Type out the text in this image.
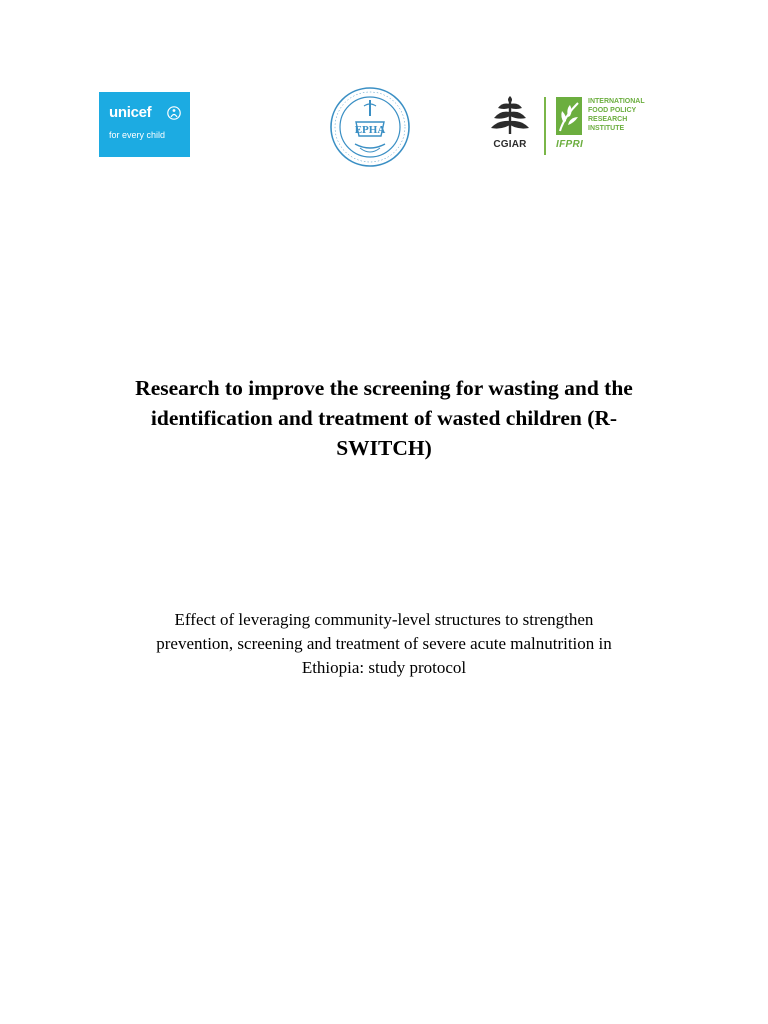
unicef
for every child	EPHA
CGIAR	IFPRI
INTERNATIONAL
FOOD POLICY
RESEARCH
INSTITUTE
Research to improve the screening for wasting and the
identification and treatment of wasted children (R-
SWITCH)
Effect of leveraging community-level structures to strengthen
prevention, screening and treatment of severe acute malnutrition in
Ethiopia: study protocol
